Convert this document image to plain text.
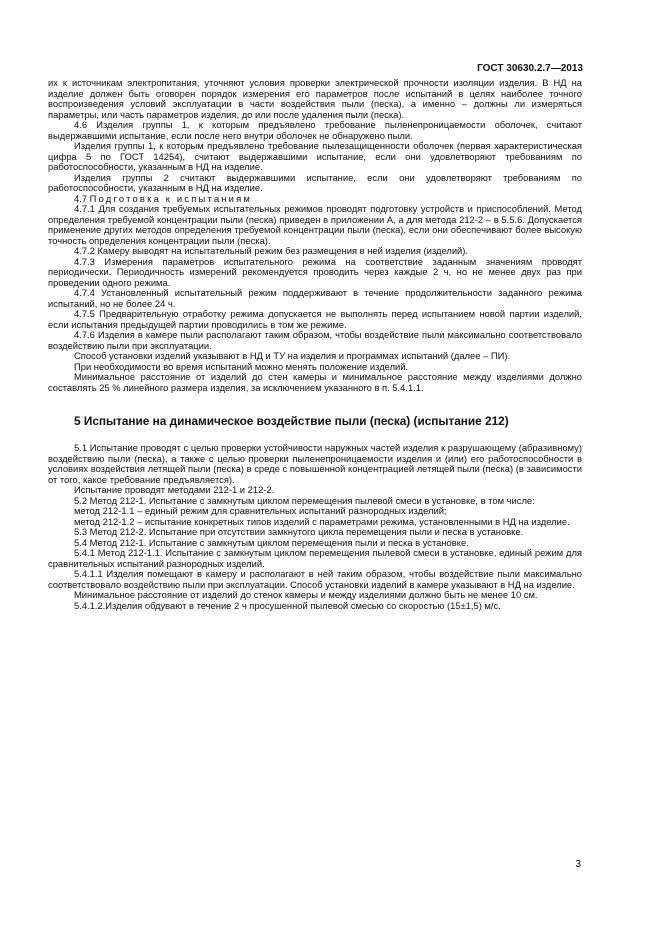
ГОСТ 30630.2.7—2013

их к источникам электропитания, уточняют условия проверки электрической прочности изоляции изделия. В НД на изделие должен быть оговорен порядок измерения его параметров после испытаний в целях наиболее точного воспроизведения условий эксплуатации в части воздействия пыли (песка), а именно – должны ли измеряться параметры, или часть параметров изделия, до или после удаления пыли (песка).

4.6 Изделия группы 1, к которым предъявлено требование пыленепроницаемости оболочек, считают выдержавшими испытание, если после него внутри оболочек не обнаружено пыли.

Изделия группы 1, к которым предъявлено требование пылезащищенности оболочек (первая характеристическая цифра 5 по ГОСТ 14254), считают выдержавшими испытание, если они удовлетворяют требованиям по работоспособности, указанным в НД на изделие.

Изделия группы 2 считают выдержавшими испытание, если они удовлетворяют требованиям по работоспособности, указанным в НД на изделие.

4.7 Подготовка к испытаниям

4.7.1 Для создания требуемых испытательных режимов проводят подготовку устройств и приспособлений. Метод определения требуемой концентрации пыли (песка) приведен в приложении А, а для метода 212-2 – в 5.5.6. Допускается применение других методов определения требуемой концентрации пыли (песка), если они обеспечивают более высокую точность определения концентрации пыли (песка).

4.7.2 Камеру выводят на испытательный режим без размещения в ней изделия (изделий).

4.7.3 Измерения параметров испытательного режима на соответствие заданным значениям проводят периодически. Периодичность измерений рекомендуется проводить через каждые 2 ч, но не менее двух раз при проведении одного режима.

4.7.4 Установленный испытательный режим поддерживают в течение продолжительности заданного режима испытаний, но не более 24 ч.

4.7.5 Предварительную отработку режима допускается не выполнять перед испытанием новой партии изделий, если испытания предыдущей партии проводились в том же режиме.

4.7.6 Изделия в камере пыли располагают таким образом, чтобы воздействие пыли максимально соответствовало воздействию пыли при эксплуатации.

Способ установки изделий указывают в НД и ТУ на изделия и программах испытаний (далее – ПИ).

При необходимости во время испытаний можно менять положение изделий.

Минимальное расстояние от изделий до стен камеры и минимальное расстояние между изделиями должно составлять 25 % линейного размера изделия, за исключением указанного в п. 5.4.1.1.

5 Испытание на динамическое воздействие пыли (песка) (испытание 212)

5.1 Испытание проводят с целью проверки устойчивости наружных частей изделия к разрушающему (абразивному) воздействию пыли (песка), а также с целью проверки пыленепроницаемости изделия и (или) его работоспособности в условиях воздействия летящей пыли (песка) в среде с повышенной концентрацией летящей пыли (песка) (в зависимости от того, какое требование предъявляется).

Испытание проводят методами 212-1 и 212-2.

5.2 Метод 212-1. Испытание с замкнутым циклом перемещения пылевой смеси в установке, в том числе:

метод 212-1.1 – единый режим для сравнительных испытаний разнородных изделий;

метод 212-1.2 – испытание конкретных типов изделий с параметрами режима, установленными в НД на изделие.

5.3 Метод 212-2. Испытание при отсутствии замкнутого цикла перемещения пыли и песка в установке.

5.4 Метод 212-1. Испытание с замкнутым циклом перемещения пыли и песка в установке.

5.4.1 Метод 212-1.1. Испытание с замкнутым циклом перемещения пылевой смеси в установке, единый режим для сравнительных испытаний разнородных изделий.

5.4.1.1 Изделия помещают в камеру и располагают в ней таким образом, чтобы воздействие пыли максимально соответствовало воздействию пыли при эксплуатации. Способ установки изделий в камере указывают в НД на изделие.

Минимальное расстояние от изделий до стенок камеры и между изделиями должно быть не менее 10 см.

5.4.1.2.Изделия обдувают в течение 2 ч просушенной пылевой смесью со скоростью (15±1,5) м/с.

3
